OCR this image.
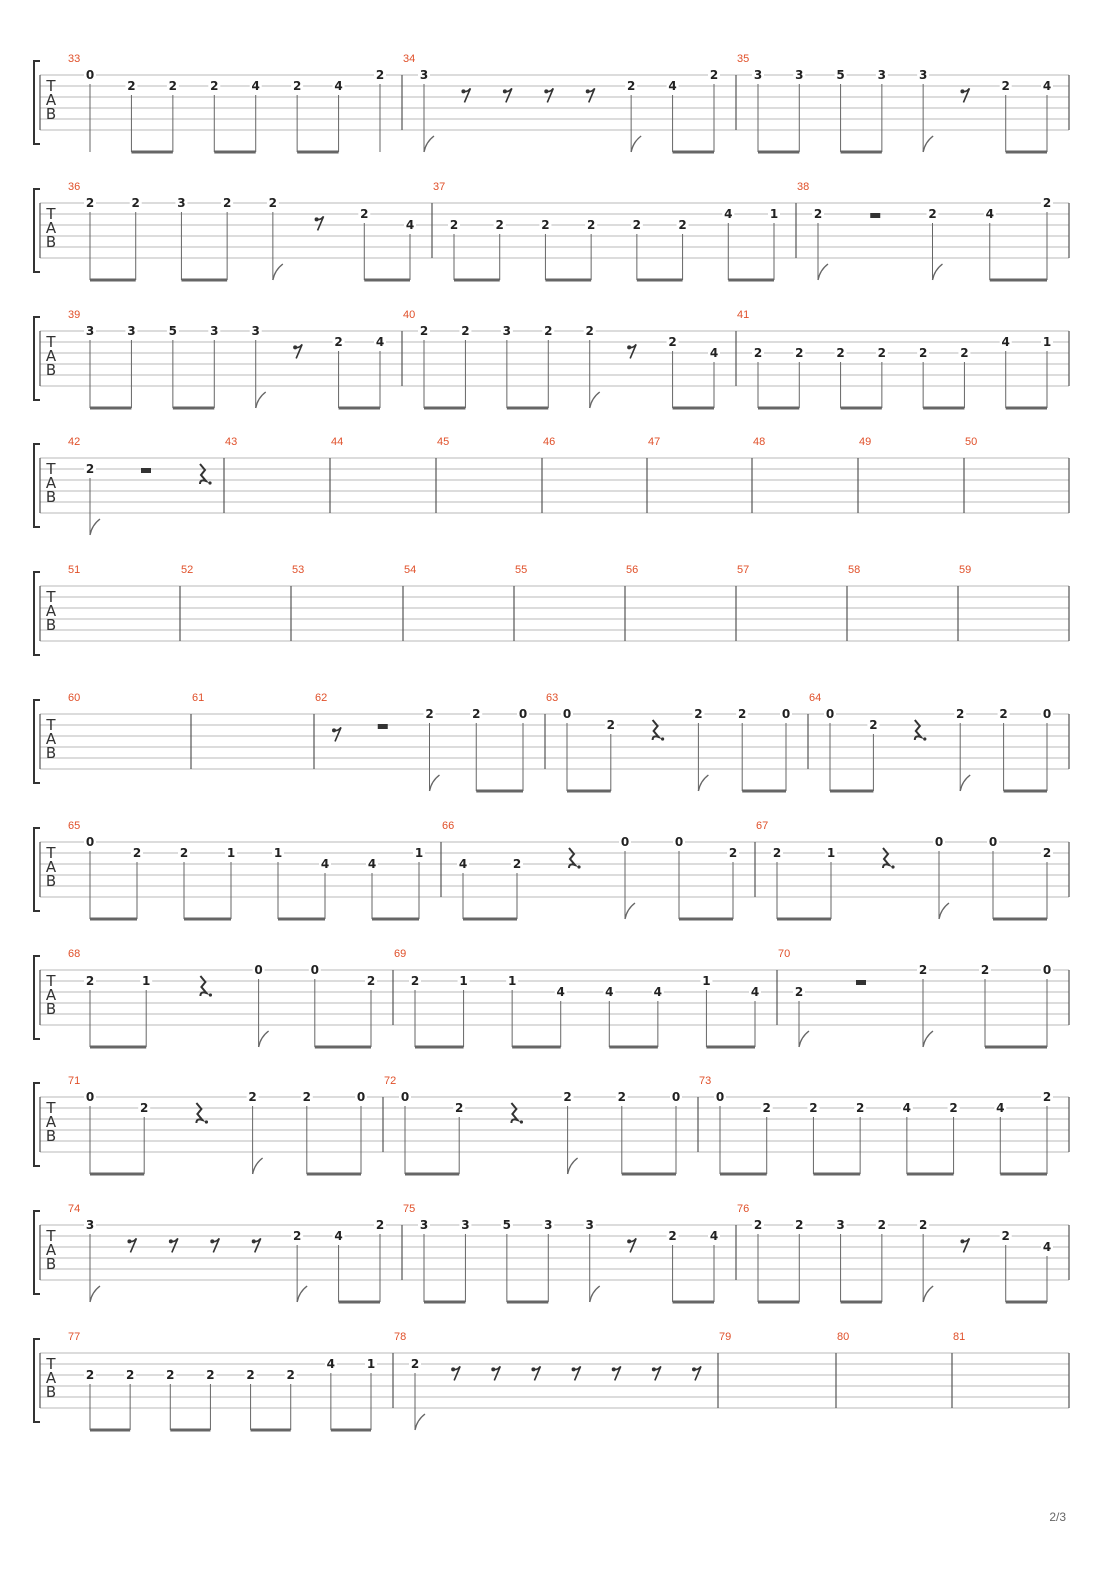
T
A
B
33
0
2	2	2	4	2	4
2
34
3
2	4
2
35
3	3	5	3	3
2	4
T
A
B
36
2	2	3	2	2
2
4
37
2	2	2	2	2	2
4	1
38
2	2	4
2
T
A
B
39
3	3	5	3	3
2	4
40
2	2	3	2	2
2
4
41
2	2	2	2	2	2
4	1
T
A
B
42
2
43	44	45	46	47	48	49	50
T
A
B
51	52	53	54	55	56	57	58	59
T
A
B
60	61	62
2	2	0
63
0
2
2	2	0
64
0
2
2	2	0
T
A
B
65
0
2	2	1	1
4	4
1
66
4	2
0	0
2
67
2	1
0	0
2
T
A
B
68
2	1
0	0
2
69
2	1	1
4	4	4
1
4
70
2
2	2	0
T
A
B
71
0
2
2	2	0
72
0
2
2	2	0
73
0
2	2	2	4	2	4
2
T
A
B
74
3
2	4
2
75
3	3	5	3	3
2	4
76
2	2	3	2	2
2
4
T
A
B
77
2	2	2	2	2	2
4	1
78
2
79	80	81
2/3
